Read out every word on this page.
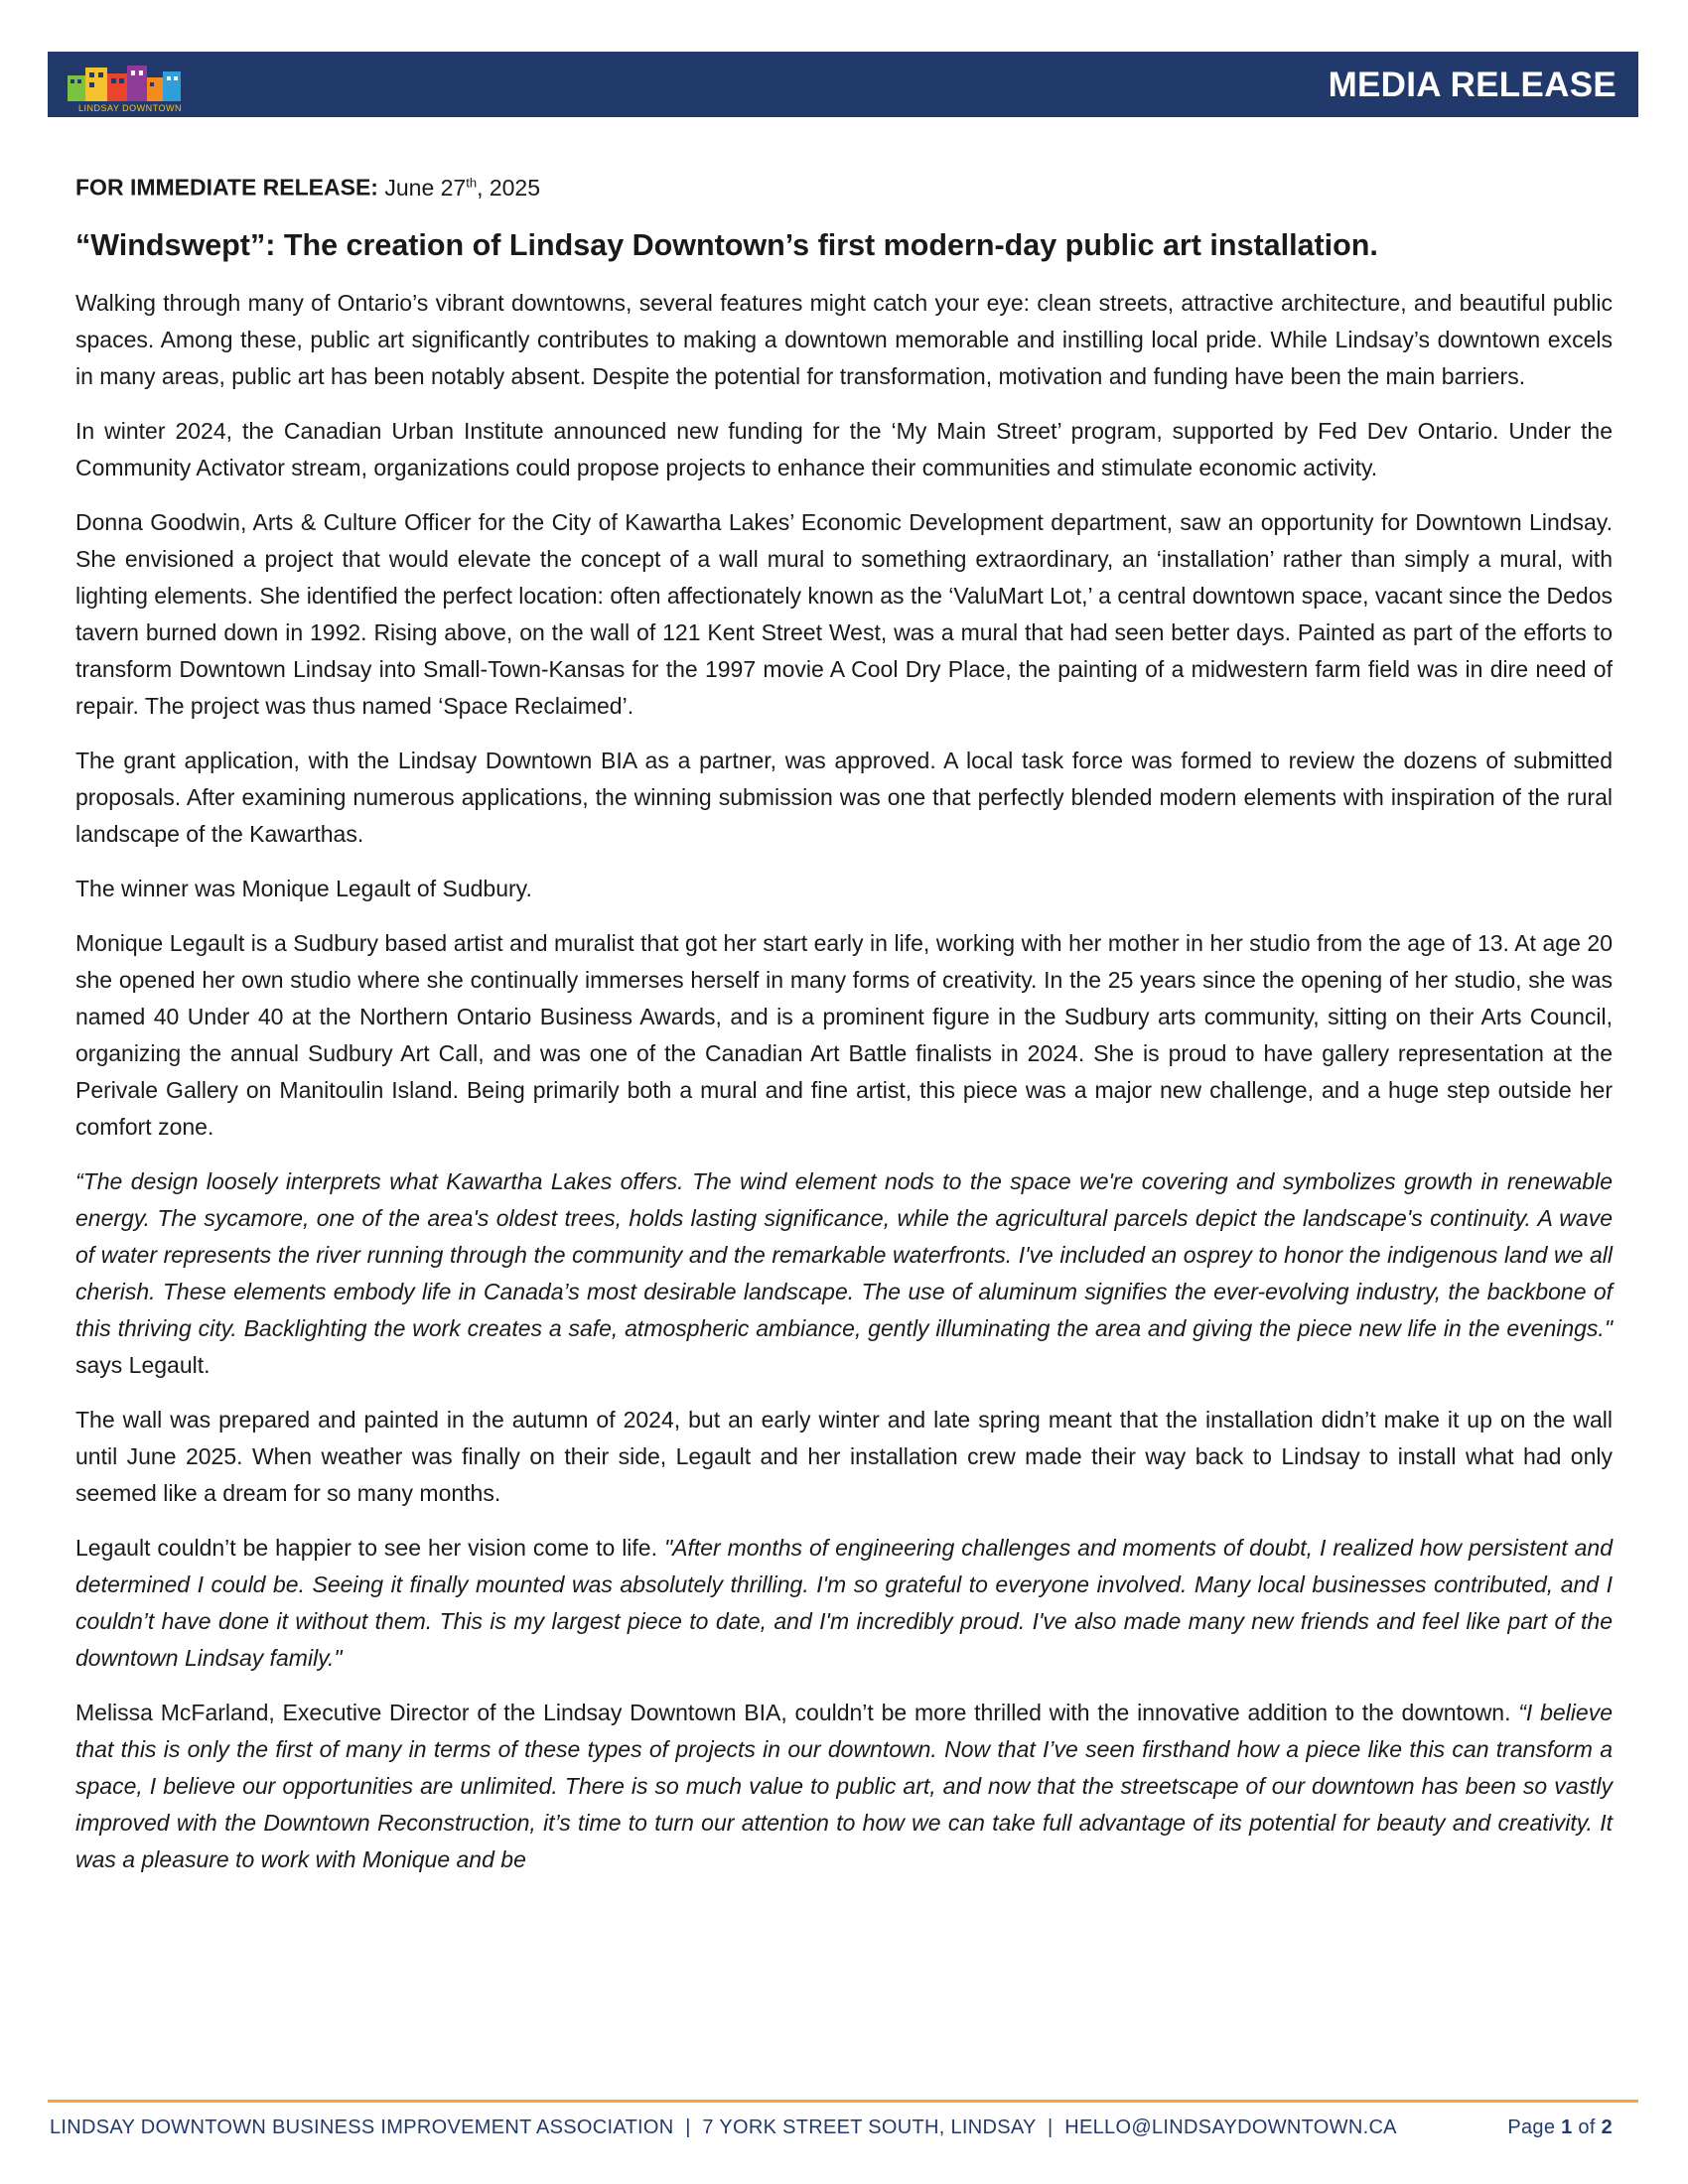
LINDSAY DOWNTOWN
MEDIA RELEASE

FOR IMMEDIATE RELEASE: June 27th, 2025

“Windswept”: The creation of Lindsay Downtown’s first modern-day public art installation.

Walking through many of Ontario’s vibrant downtowns, several features might catch your eye: clean streets, attractive architecture, and beautiful public spaces. Among these, public art significantly contributes to making a downtown memorable and instilling local pride. While Lindsay’s downtown excels in many areas, public art has been notably absent. Despite the potential for transformation, motivation and funding have been the main barriers.

In winter 2024, the Canadian Urban Institute announced new funding for the ‘My Main Street’ program, supported by Fed Dev Ontario. Under the Community Activator stream, organizations could propose projects to enhance their communities and stimulate economic activity.

Donna Goodwin, Arts & Culture Officer for the City of Kawartha Lakes’ Economic Development department, saw an opportunity for Downtown Lindsay. She envisioned a project that would elevate the concept of a wall mural to something extraordinary, an ‘installation’ rather than simply a mural, with lighting elements. She identified the perfect location: often affectionately known as the ‘ValuMart Lot,’ a central downtown space, vacant since the Dedos tavern burned down in 1992. Rising above, on the wall of 121 Kent Street West, was a mural that had seen better days. Painted as part of the efforts to transform Downtown Lindsay into Small-Town-Kansas for the 1997 movie A Cool Dry Place, the painting of a midwestern farm field was in dire need of repair. The project was thus named ‘Space Reclaimed’.

The grant application, with the Lindsay Downtown BIA as a partner, was approved. A local task force was formed to review the dozens of submitted proposals. After examining numerous applications, the winning submission was one that perfectly blended modern elements with inspiration of the rural landscape of the Kawarthas.

The winner was Monique Legault of Sudbury.

Monique Legault is a Sudbury based artist and muralist that got her start early in life, working with her mother in her studio from the age of 13. At age 20 she opened her own studio where she continually immerses herself in many forms of creativity. In the 25 years since the opening of her studio, she was named 40 Under 40 at the Northern Ontario Business Awards, and is a prominent figure in the Sudbury arts community, sitting on their Arts Council, organizing the annual Sudbury Art Call, and was one of the Canadian Art Battle finalists in 2024. She is proud to have gallery representation at the Perivale Gallery on Manitoulin Island. Being primarily both a mural and fine artist, this piece was a major new challenge, and a huge step outside her comfort zone.

“The design loosely interprets what Kawartha Lakes offers. The wind element nods to the space we're covering and symbolizes growth in renewable energy. The sycamore, one of the area's oldest trees, holds lasting significance, while the agricultural parcels depict the landscape's continuity. A wave of water represents the river running through the community and the remarkable waterfronts. I've included an osprey to honor the indigenous land we all cherish. These elements embody life in Canada’s most desirable landscape. The use of aluminum signifies the ever-evolving industry, the backbone of this thriving city. Backlighting the work creates a safe, atmospheric ambiance, gently illuminating the area and giving the piece new life in the evenings." says Legault.

The wall was prepared and painted in the autumn of 2024, but an early winter and late spring meant that the installation didn’t make it up on the wall until June 2025. When weather was finally on their side, Legault and her installation crew made their way back to Lindsay to install what had only seemed like a dream for so many months.

Legault couldn’t be happier to see her vision come to life. "After months of engineering challenges and moments of doubt, I realized how persistent and determined I could be. Seeing it finally mounted was absolutely thrilling. I'm so grateful to everyone involved. Many local businesses contributed, and I couldn’t have done it without them. This is my largest piece to date, and I'm incredibly proud. I've also made many new friends and feel like part of the downtown Lindsay family."

Melissa McFarland, Executive Director of the Lindsay Downtown BIA, couldn’t be more thrilled with the innovative addition to the downtown. “I believe that this is only the first of many in terms of these types of projects in our downtown. Now that I’ve seen firsthand how a piece like this can transform a space, I believe our opportunities are unlimited. There is so much value to public art, and now that the streetscape of our downtown has been so vastly improved with the Downtown Reconstruction, it’s time to turn our attention to how we can take full advantage of its potential for beauty and creativity. It was a pleasure to work with Monique and be

LINDSAY DOWNTOWN BUSINESS IMPROVEMENT ASSOCIATION  |  7 YORK STREET SOUTH, LINDSAY  |  HELLO@LINDSAYDOWNTOWN.CA	Page 1 of 2
